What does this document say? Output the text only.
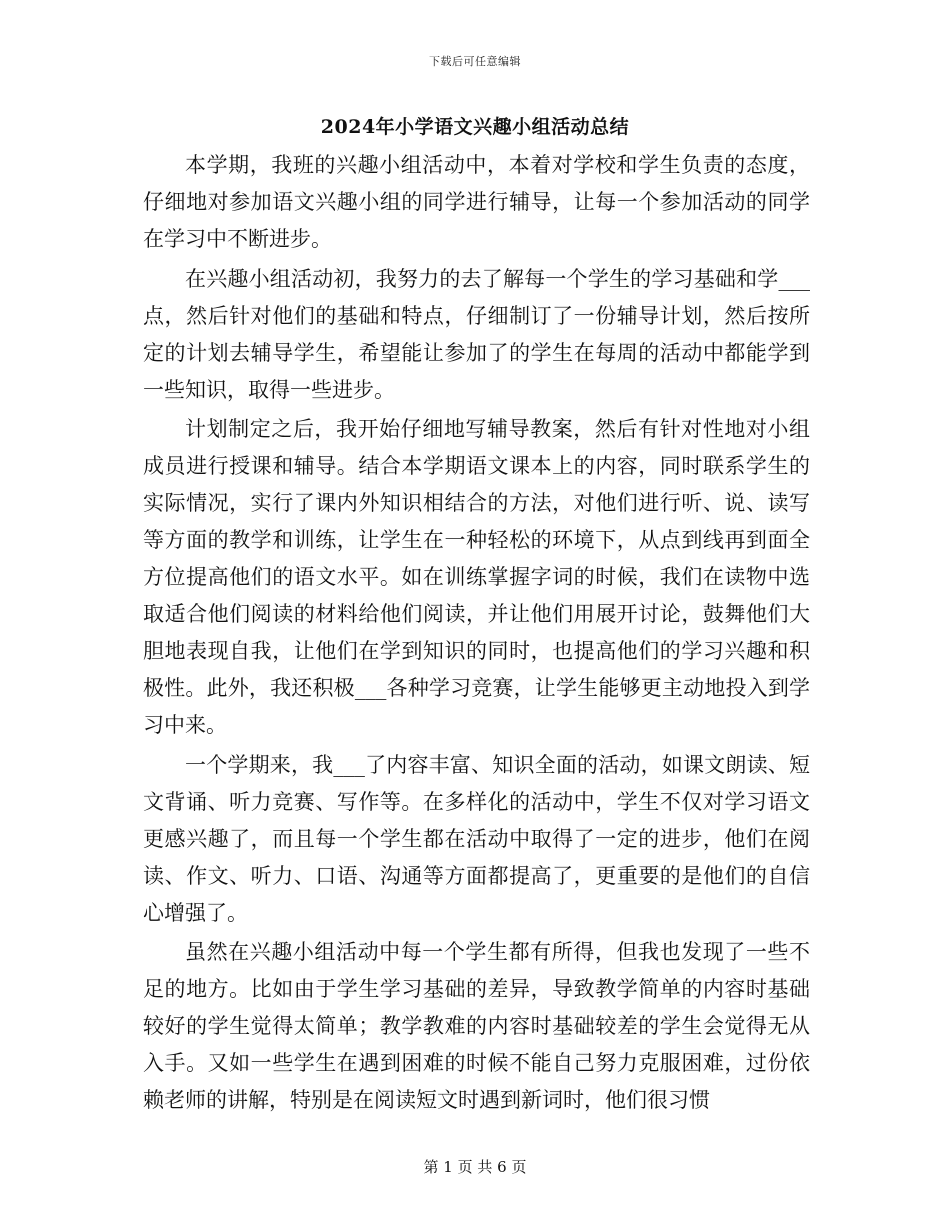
下载后可任意编辑
2024年小学语文兴趣小组活动总结

本学期，我班的兴趣小组活动中，本着对学校和学生负责的态度，仔细地对参加语文兴趣小组的同学进行辅导，让每一个参加活动的同学在学习中不断进步。

在兴趣小组活动初，我努力的去了解每一个学生的学习基础和学___点，然后针对他们的基础和特点，仔细制订了一份辅导计划，然后按所定的计划去辅导学生，希望能让参加了的学生在每周的活动中都能学到一些知识，取得一些进步。

计划制定之后，我开始仔细地写辅导教案，然后有针对性地对小组成员进行授课和辅导。结合本学期语文课本上的内容，同时联系学生的实际情况，实行了课内外知识相结合的方法，对他们进行听、说、读写等方面的教学和训练，让学生在一种轻松的环境下，从点到线再到面全方位提高他们的语文水平。如在训练掌握字词的时候，我们在读物中选取适合他们阅读的材料给他们阅读，并让他们用展开讨论，鼓舞他们大胆地表现自我，让他们在学到知识的同时，也提高他们的学习兴趣和积极性。此外，我还积极___各种学习竞赛，让学生能够更主动地投入到学习中来。

一个学期来，我___了内容丰富、知识全面的活动，如课文朗读、短文背诵、听力竞赛、写作等。在多样化的活动中，学生不仅对学习语文更感兴趣了，而且每一个学生都在活动中取得了一定的进步，他们在阅读、作文、听力、口语、沟通等方面都提高了，更重要的是他们的自信心增强了。

虽然在兴趣小组活动中每一个学生都有所得，但我也发现了一些不足的地方。比如由于学生学习基础的差异，导致教学简单的内容时基础较好的学生觉得太简单；教学教难的内容时基础较差的学生会觉得无从入手。又如一些学生在遇到困难的时候不能自己努力克服困难，过份依赖老师的讲解，特别是在阅读短文时遇到新词时，他们很习惯

第 1 页 共 6 页
